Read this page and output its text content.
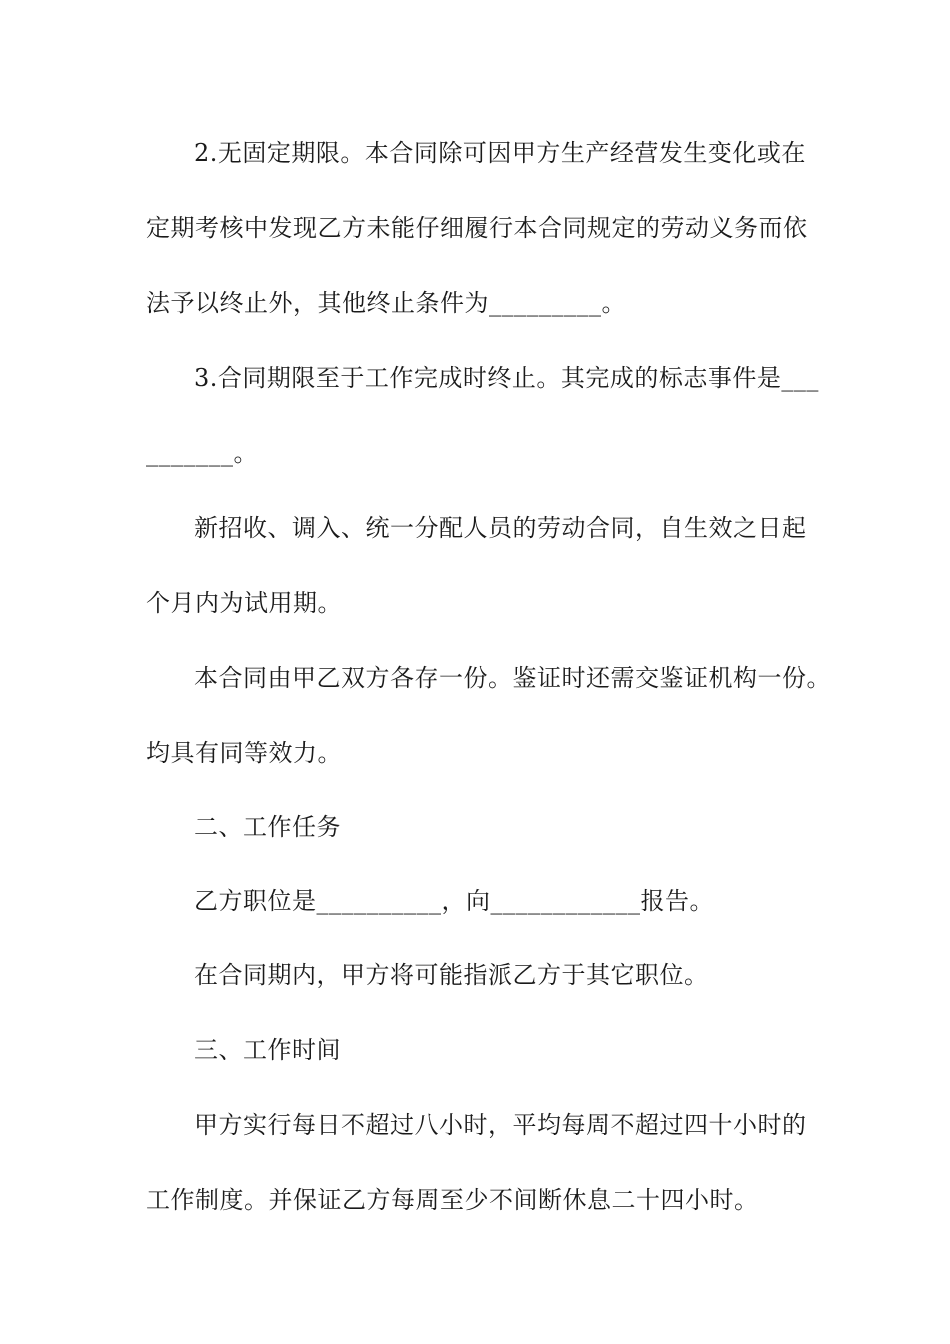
2.无固定期限。本合同除可因甲方生产经营发生变化或在
定期考核中发现乙方未能仔细履行本合同规定的劳动义务而依
法予以终止外，其他终止条件为_________。
3.合同期限至于工作完成时终止。其完成的标志事件是___
_______。
新招收、调入、统一分配人员的劳动合同，自生效之日起
个月内为试用期。
本合同由甲乙双方各存一份。鉴证时还需交鉴证机构一份。
均具有同等效力。
二、工作任务
乙方职位是__________，向____________报告。
在合同期内，甲方将可能指派乙方于其它职位。
三、工作时间
甲方实行每日不超过八小时，平均每周不超过四十小时的
工作制度。并保证乙方每周至少不间断休息二十四小时。
